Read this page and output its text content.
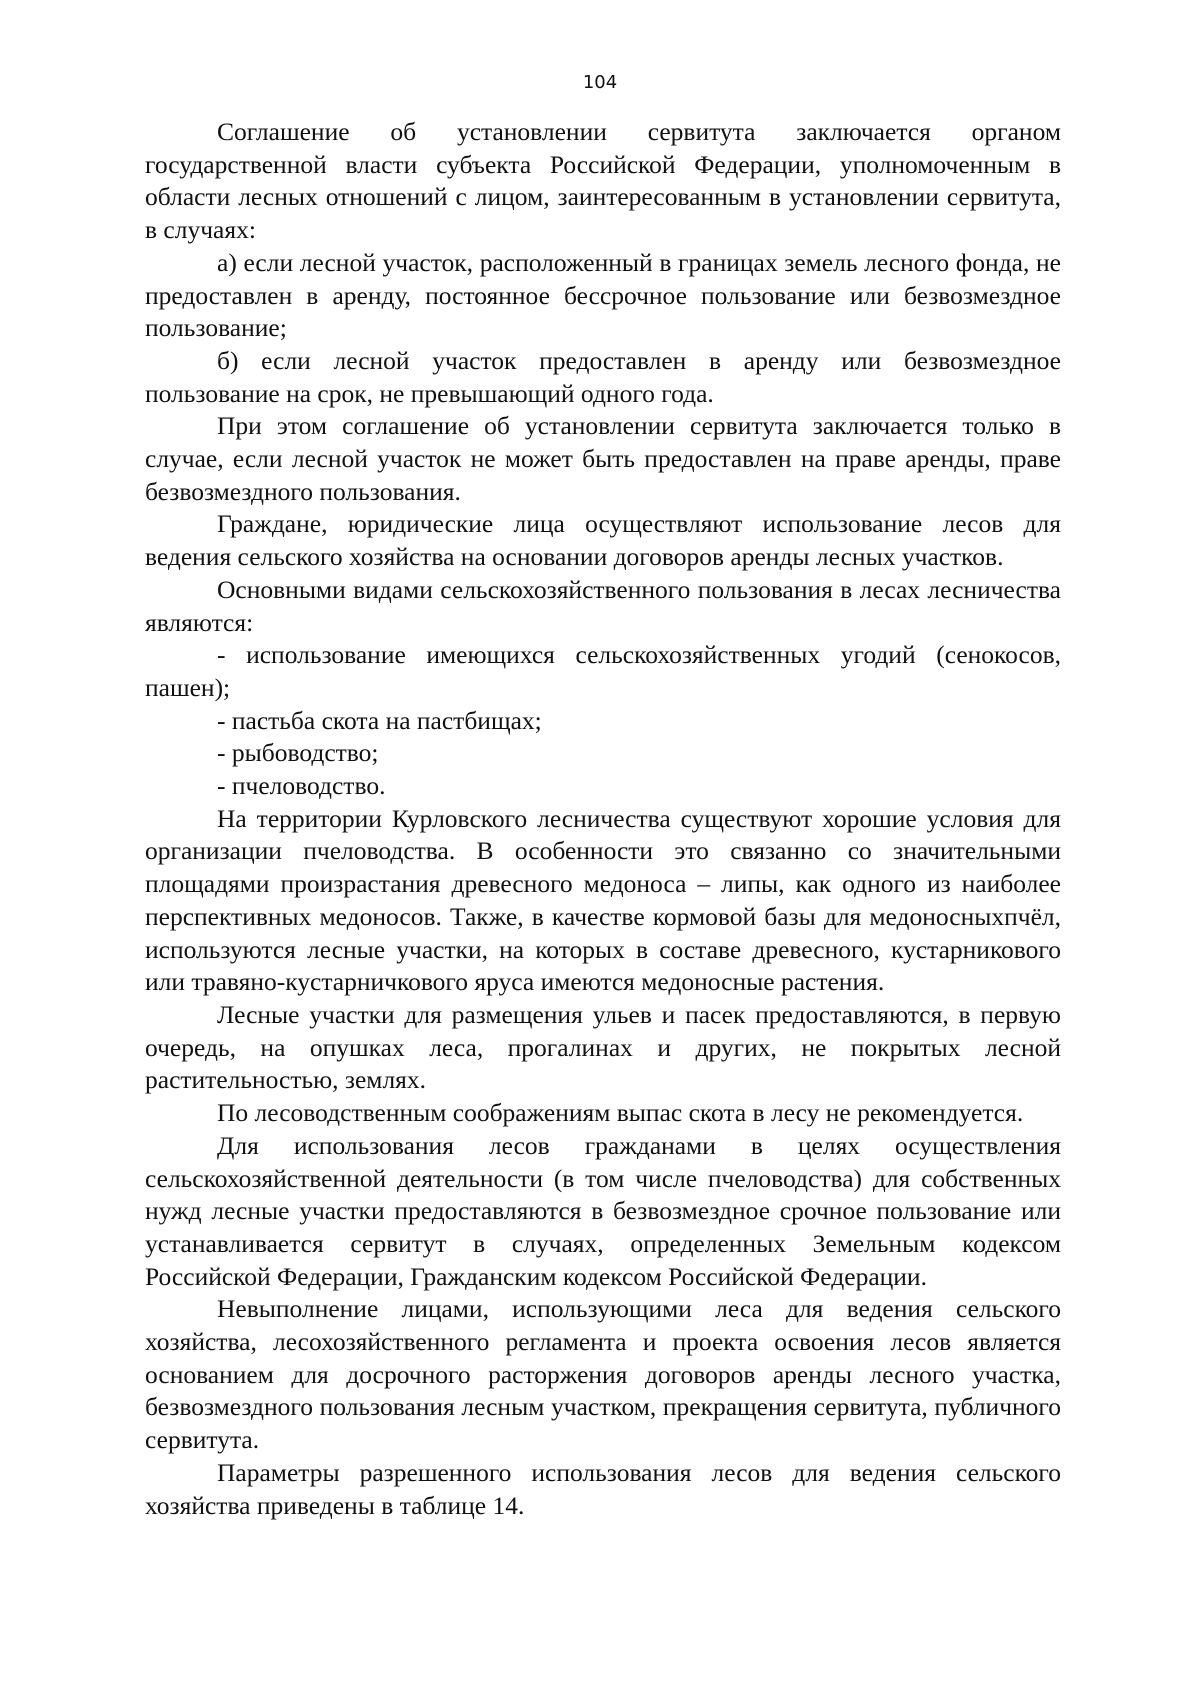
104

Соглашение об установлении сервитута заключается органом государственной власти субъекта Российской Федерации, уполномоченным в области лесных отношений с лицом, заинтересованным в установлении сервитута, в случаях:

а) если лесной участок, расположенный в границах земель лесного фонда, не предоставлен в аренду, постоянное бессрочное пользование или безвозмездное пользование;

б) если лесной участок предоставлен в аренду или безвозмездное пользование на срок, не превышающий одного года.

При этом соглашение об установлении сервитута заключается только в случае, если лесной участок не может быть предоставлен на праве аренды, праве безвозмездного пользования.

Граждане, юридические лица осуществляют использование лесов для ведения сельского хозяйства на основании договоров аренды лесных участков.

Основными видами сельскохозяйственного пользования в лесах лесничества являются:

- использование имеющихся сельскохозяйственных угодий (сенокосов, пашен);

- пастьба скота на пастбищах;

- рыбоводство;

- пчеловодство.

На территории Курловского лесничества существуют хорошие условия для организации пчеловодства. В особенности это связанно со значительными площадями произрастания древесного медоноса – липы, как одного из наиболее перспективных медоносов. Также, в качестве кормовой базы для медоносныхпчёл, используются лесные участки, на которых в составе древесного, кустарникового или травяно-кустарничкового яруса имеются медоносные растения.

Лесные участки для размещения ульев и пасек предоставляются, в первую очередь, на опушках леса, прогалинах и других, не покрытых лесной растительностью, землях.

По лесоводственным соображениям выпас скота в лесу не рекомендуется.

Для использования лесов гражданами в целях осуществления сельскохозяйственной деятельности (в том числе пчеловодства) для собственных нужд лесные участки предоставляются в безвозмездное срочное пользование или устанавливается сервитут в случаях, определенных Земельным кодексом Российской Федерации, Гражданским кодексом Российской Федерации.

Невыполнение лицами, использующими леса для ведения сельского хозяйства, лесохозяйственного регламента и проекта освоения лесов является основанием для досрочного расторжения договоров аренды лесного участка, безвозмездного пользования лесным участком, прекращения сервитута, публичного сервитута.

Параметры разрешенного использования лесов для ведения сельского хозяйства приведены в таблице 14.
